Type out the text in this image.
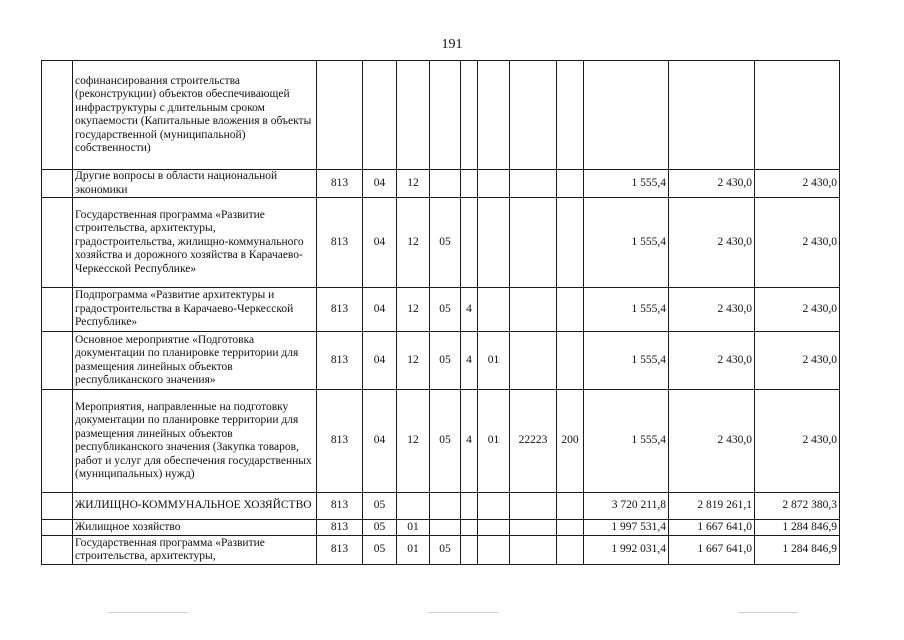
191
	софинансирования строительства (реконструкции) объектов обеспечивающей инфраструктуры с длительным сроком окупаемости (Капитальные вложения в объекты государственной (муниципальной) собственности)											
	Другие вопросы в области национальной экономики	813	04	12						1 555,4	2 430,0	2 430,0
	Государственная программа «Развитие строительства, архитектуры, градостроительства, жилищно-коммунального хозяйства и дорожного хозяйства в Карачаево-Черкесской Республике»	813	04	12	05					1 555,4	2 430,0	2 430,0
	Подпрограмма «Развитие архитектуры и градостроительства в Карачаево-Черкесской Республике»	813	04	12	05	4				1 555,4	2 430,0	2 430,0
	Основное мероприятие «Подготовка документации по планировке территории для размещения линейных объектов республиканского значения»	813	04	12	05	4	01			1 555,4	2 430,0	2 430,0
	Мероприятия, направленные на подготовку документации по планировке территории для размещения линейных объектов республиканского значения (Закупка товаров, работ и услуг для обеспечения государственных (муниципальных) нужд)	813	04	12	05	4	01	22223	200	1 555,4	2 430,0	2 430,0
	ЖИЛИЩНО-КОММУНАЛЬНОЕ ХОЗЯЙСТВО	813	05							3 720 211,8	2 819 261,1	2 872 380,3
	Жилищное хозяйство	813	05	01						1 997 531,4	1 667 641,0	1 284 846,9
	Государственная программа «Развитие строительства, архитектуры,	813	05	01	05					1 992 031,4	1 667 641,0	1 284 846,9
